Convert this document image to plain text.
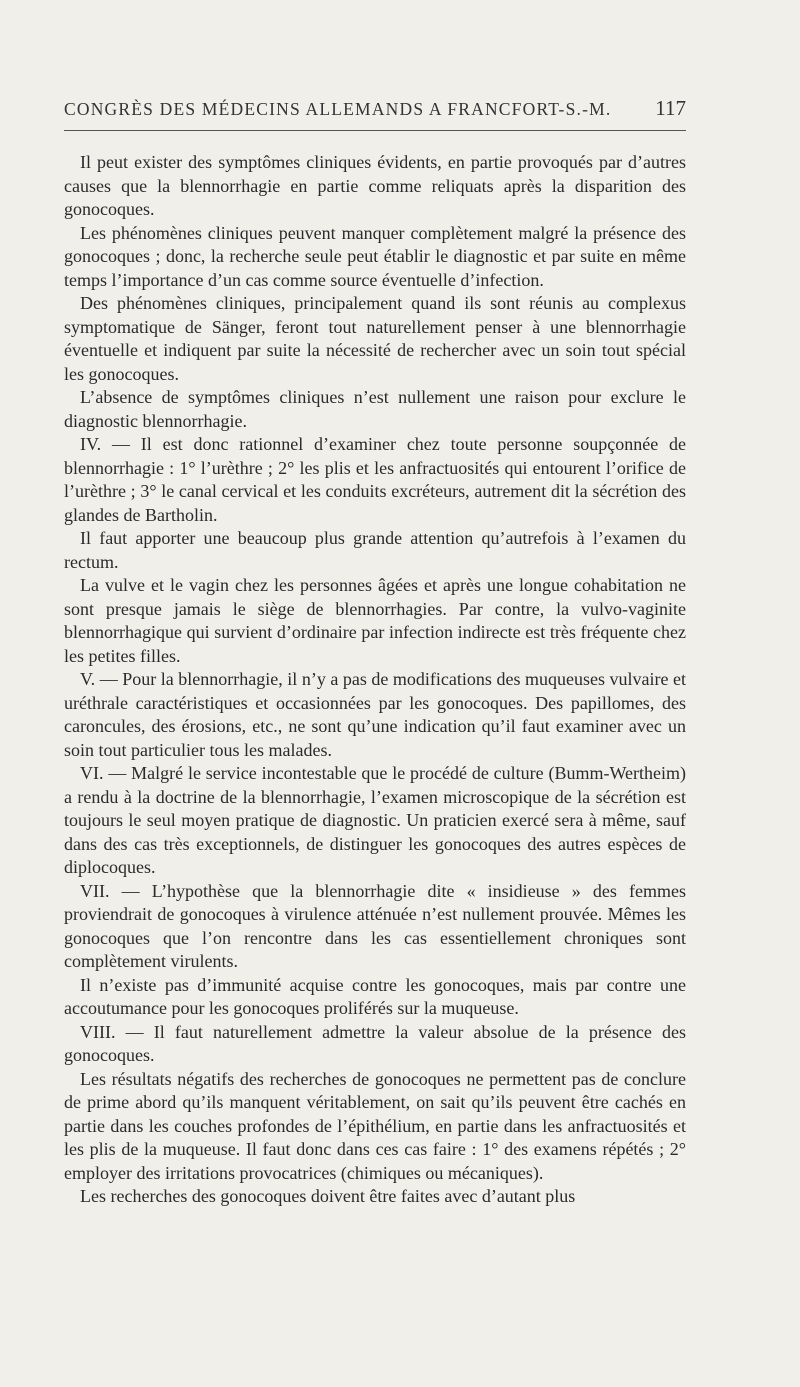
CONGRÈS DES MÉDECINS ALLEMANDS A FRANCFORT-S.-M. 117

Il peut exister des symptômes cliniques évidents, en partie provoqués par d’autres causes que la blennorrhagie en partie comme reliquats après la disparition des gonocoques.

Les phénomènes cliniques peuvent manquer complètement malgré la présence des gonocoques ; donc, la recherche seule peut établir le diagnostic et par suite en même temps l’importance d’un cas comme source éventuelle d’infection.

Des phénomènes cliniques, principalement quand ils sont réunis au complexus symptomatique de Sänger, feront tout naturellement penser à une blennorrhagie éventuelle et indiquent par suite la nécessité de rechercher avec un soin tout spécial les gonocoques.

L’absence de symptômes cliniques n’est nullement une raison pour exclure le diagnostic blennorrhagie.

IV. — Il est donc rationnel d’examiner chez toute personne soupçonnée de blennorrhagie : 1° l’urèthre ; 2° les plis et les anfractuosités qui entourent l’orifice de l’urèthre ; 3° le canal cervical et les conduits excréteurs, autrement dit la sécrétion des glandes de Bartholin.

Il faut apporter une beaucoup plus grande attention qu’autrefois à l’examen du rectum.

La vulve et le vagin chez les personnes âgées et après une longue cohabitation ne sont presque jamais le siège de blennorrhagies. Par contre, la vulvo-vaginite blennorrhagique qui survient d’ordinaire par infection indirecte est très fréquente chez les petites filles.

V. — Pour la blennorrhagie, il n’y a pas de modifications des muqueuses vulvaire et uréthrale caractéristiques et occasionnées par les gonocoques. Des papillomes, des caroncules, des érosions, etc., ne sont qu’une indication qu’il faut examiner avec un soin tout particulier tous les malades.

VI. — Malgré le service incontestable que le procédé de culture (Bumm-Wertheim) a rendu à la doctrine de la blennorrhagie, l’examen microscopique de la sécrétion est toujours le seul moyen pratique de diagnostic. Un praticien exercé sera à même, sauf dans des cas très exceptionnels, de distinguer les gonocoques des autres espèces de diplocoques.

VII. — L’hypothèse que la blennorrhagie dite « insidieuse » des femmes proviendrait de gonocoques à virulence atténuée n’est nullement prouvée. Mêmes les gonocoques que l’on rencontre dans les cas essentiellement chroniques sont complètement virulents.

Il n’existe pas d’immunité acquise contre les gonocoques, mais par contre une accoutumance pour les gonocoques proliférés sur la muqueuse.

VIII. — Il faut naturellement admettre la valeur absolue de la présence des gonocoques.

Les résultats négatifs des recherches de gonocoques ne permettent pas de conclure de prime abord qu’ils manquent véritablement, on sait qu’ils peuvent être cachés en partie dans les couches profondes de l’épithélium, en partie dans les anfractuosités et les plis de la muqueuse. Il faut donc dans ces cas faire : 1° des examens répétés ; 2° employer des irritations provocatrices (chimiques ou mécaniques).

Les recherches des gonocoques doivent être faites avec d’autant plus
